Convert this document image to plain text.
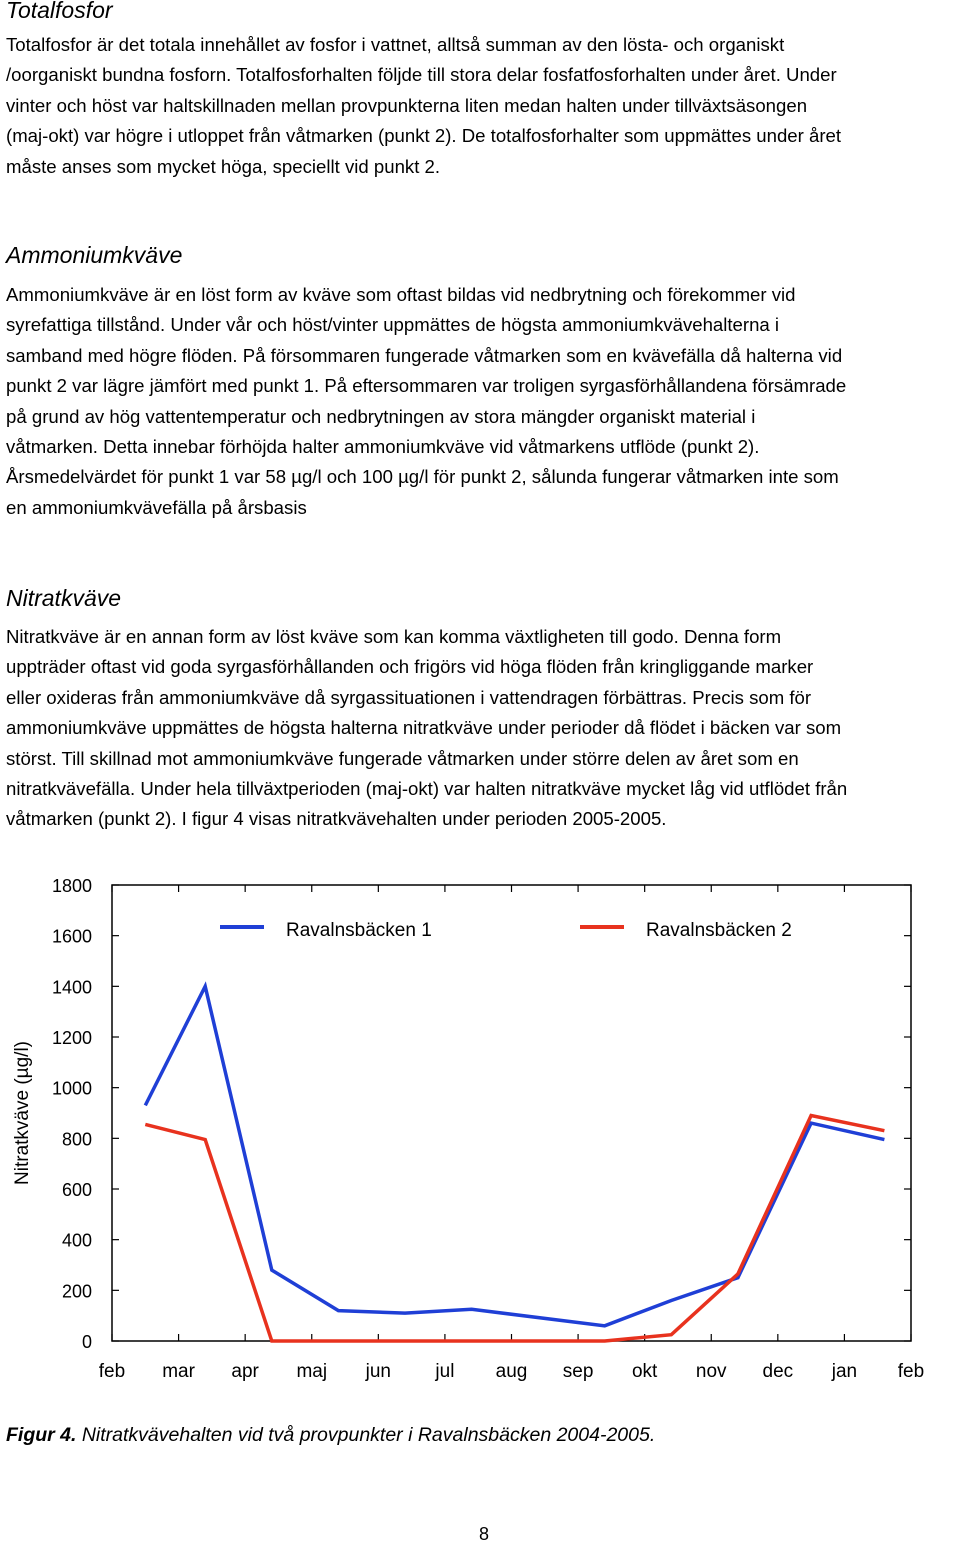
Totalfosfor

Totalfosfor är det totala innehållet av fosfor i vattnet, alltså summan av den lösta- och organiskt
/oorganiskt bundna fosforn. Totalfosforhalten följde till stora delar fosfatfosforhalten under året. Under
vinter och höst var haltskillnaden mellan provpunkterna liten medan halten under tillväxtsäsongen
(maj-okt) var högre i utloppet från våtmarken (punkt 2). De totalfosforhalter som uppmättes under året
måste anses som mycket höga, speciellt vid punkt 2.

Ammoniumkväve

Ammoniumkväve är en löst form av kväve som oftast bildas vid nedbrytning och förekommer vid
syrefattiga tillstånd. Under vår och höst/vinter uppmättes de högsta ammoniumkvävehalterna i
samband med högre flöden. På försommaren fungerade våtmarken som en kvävefälla då halterna vid
punkt 2 var lägre jämfört med punkt 1. På eftersommaren var troligen syrgasförhållandena försämrade
på grund av hög vattentemperatur och nedbrytningen av stora mängder organiskt material i
våtmarken. Detta innebar förhöjda halter ammoniumkväve vid våtmarkens utflöde (punkt 2).
Årsmedelvärdet för punkt 1 var 58 µg/l och 100 µg/l för punkt 2, sålunda fungerar våtmarken inte som
en ammoniumkvävefälla på årsbasis

Nitratkväve

Nitratkväve är en annan form av löst kväve som kan komma växtligheten till godo. Denna form
uppträder oftast vid goda syrgasförhållanden och frigörs vid höga flöden från kringliggande marker
eller oxideras från ammoniumkväve då syrgassituationen i vattendragen förbättras. Precis som för
ammoniumkväve uppmättes de högsta halterna nitratkväve under perioder då flödet i bäcken var som
störst. Till skillnad mot ammoniumkväve fungerade våtmarken under större delen av året som en
nitratkvävefälla. Under hela tillväxtperioden (maj-okt) var halten nitratkväve mycket låg vid utflödet från
våtmarken (punkt 2). I figur 4 visas nitratkvävehalten under perioden 2005-2005.

0
200
400
600
800
1000
1200
1400
1600
1800
feb mar apr maj jun jul aug sep okt nov dec jan feb
Ravalnsbäcken 1	Ravalnsbäcken 2
Nitratkväve (µg/l)

Figur 4. Nitratkvävehalten vid två provpunkter i Ravalnsbäcken 2004-2005.

8
